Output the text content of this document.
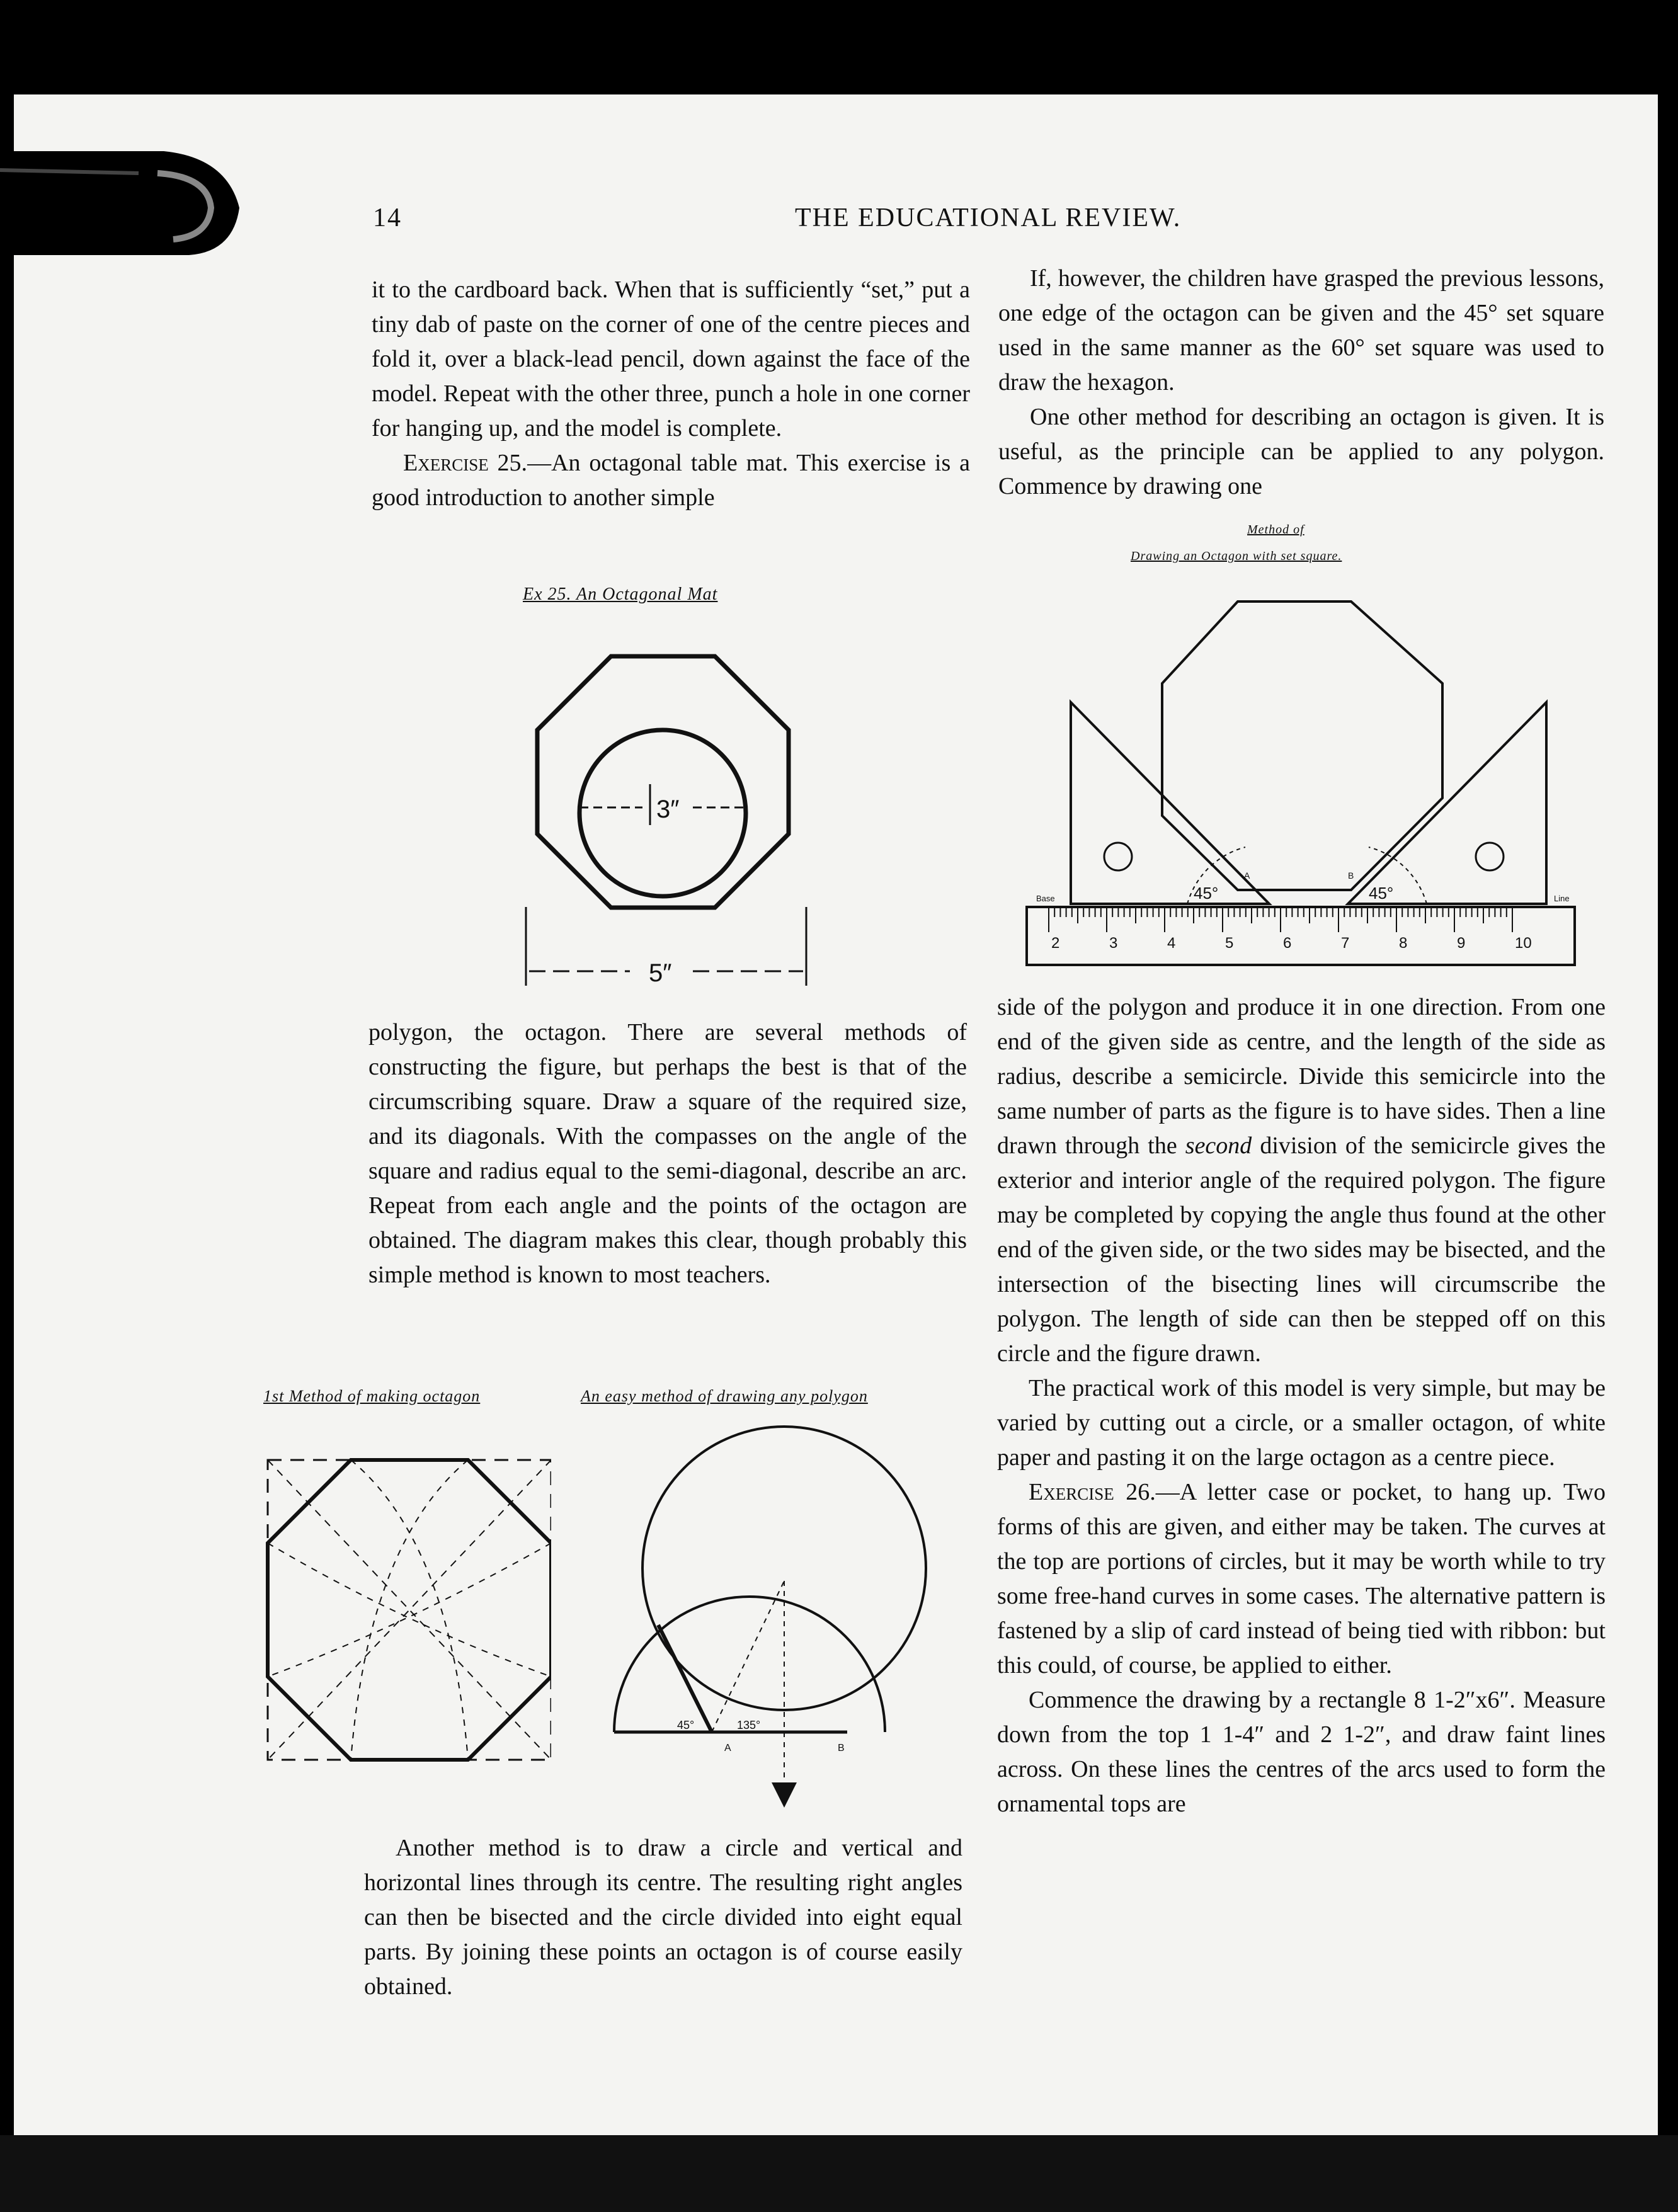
14	THE EDUCATIONAL REVIEW.

it to the cardboard back. When that is sufficiently “set,” put a tiny dab of paste on the corner of one of the centre pieces and fold it, over a black-lead pencil, down against the face of the model. Repeat with the other three, punch a hole in one corner for hanging up, and the model is complete.

Exercise 25.—An octagonal table mat. This exercise is a good introduction to another simple

Ex 25. An Octagonal Mat
3″
5″

polygon, the octagon. There are several methods of constructing the figure, but perhaps the best is that of the circumscribing square. Draw a square of the required size, and its diagonals. With the compasses on the angle of the square and radius equal to the semi-diagonal, describe an arc. Repeat from each angle and the points of the octagon are obtained. The diagram makes this clear, though probably this simple method is known to most teachers.

1st Method of making octagon	An easy method of drawing any polygon
45°	135°
A	B

Another method is to draw a circle and vertical and horizontal lines through its centre. The resulting right angles can then be bisected and the circle divided into eight equal parts. By joining these points an octagon is of course easily obtained.

If, however, the children have grasped the previous lessons, one edge of the octagon can be given and the 45° set square used in the same manner as the 60° set square was used to draw the hexagon.

One other method for describing an octagon is given. It is useful, as the principle can be applied to any polygon. Commence by drawing one

Method of
Drawing an Octagon with set square.
45°	45°
A	B
Base	Line
2	3	4	5	6	7	8	9	10

side of the polygon and produce it in one direction. From one end of the given side as centre, and the length of the side as radius, describe a semicircle. Divide this semicircle into the same number of parts as the figure is to have sides. Then a line drawn through the second division of the semicircle gives the exterior and interior angle of the required polygon. The figure may be completed by copying the angle thus found at the other end of the given side, or the two sides may be bisected, and the intersection of the bisecting lines will circumscribe the polygon. The length of side can then be stepped off on this circle and the figure drawn.

The practical work of this model is very simple, but may be varied by cutting out a circle, or a smaller octagon, of white paper and pasting it on the large octagon as a centre piece.

Exercise 26.—A letter case or pocket, to hang up. Two forms of this are given, and either may be taken. The curves at the top are portions of circles, but it may be worth while to try some free-hand curves in some cases. The alternative pattern is fastened by a slip of card instead of being tied with ribbon: but this could, of course, be applied to either.

Commence the drawing by a rectangle 8 1-2″x6″. Measure down from the top 1 1-4″ and 2 1-2″, and draw faint lines across. On these lines the centres of the arcs used to form the ornamental tops are
